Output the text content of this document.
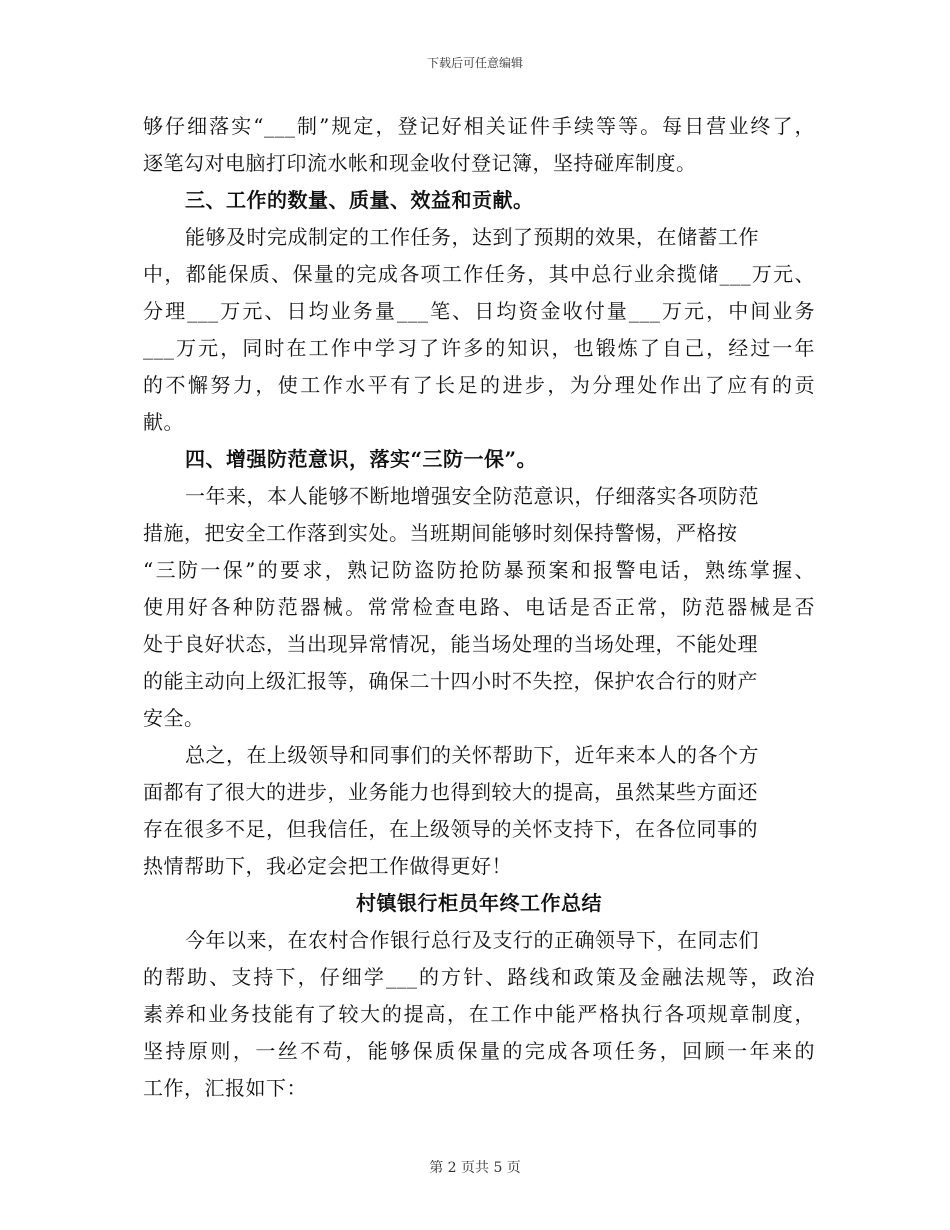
下载后可任意编辑
够仔细落实“___制”规定，登记好相关证件手续等等。每日营业终了，
逐笔勾对电脑打印流水帐和现金收付登记簿，坚持碰库制度。
三、工作的数量、质量、效益和贡献。
能够及时完成制定的工作任务，达到了预期的效果，在储蓄工作
中，都能保质、保量的完成各项工作任务，其中总行业余揽储___万元、
分理___万元、日均业务量___笔、日均资金收付量___万元，中间业务
___万元，同时在工作中学习了许多的知识，也锻炼了自己，经过一年
的不懈努力，使工作水平有了长足的进步，为分理处作出了应有的贡
献。
四、增强防范意识，落实“三防一保”。
一年来，本人能够不断地增强安全防范意识，仔细落实各项防范
措施，把安全工作落到实处。当班期间能够时刻保持警惕，严格按
“三防一保”的要求，熟记防盗防抢防暴预案和报警电话，熟练掌握、
使用好各种防范器械。常常检查电路、电话是否正常，防范器械是否
处于良好状态，当出现异常情况，能当场处理的当场处理，不能处理
的能主动向上级汇报等，确保二十四小时不失控，保护农合行的财产
安全。
总之，在上级领导和同事们的关怀帮助下，近年来本人的各个方
面都有了很大的进步，业务能力也得到较大的提高，虽然某些方面还
存在很多不足，但我信任，在上级领导的关怀支持下，在各位同事的
热情帮助下，我必定会把工作做得更好！
村镇银行柜员年终工作总结
今年以来，在农村合作银行总行及支行的正确领导下，在同志们
的帮助、支持下，仔细学___的方针、路线和政策及金融法规等，政治
素养和业务技能有了较大的提高，在工作中能严格执行各项规章制度，
坚持原则，一丝不苟，能够保质保量的完成各项任务，回顾一年来的
工作，汇报如下：
第 2 页共 5 页
